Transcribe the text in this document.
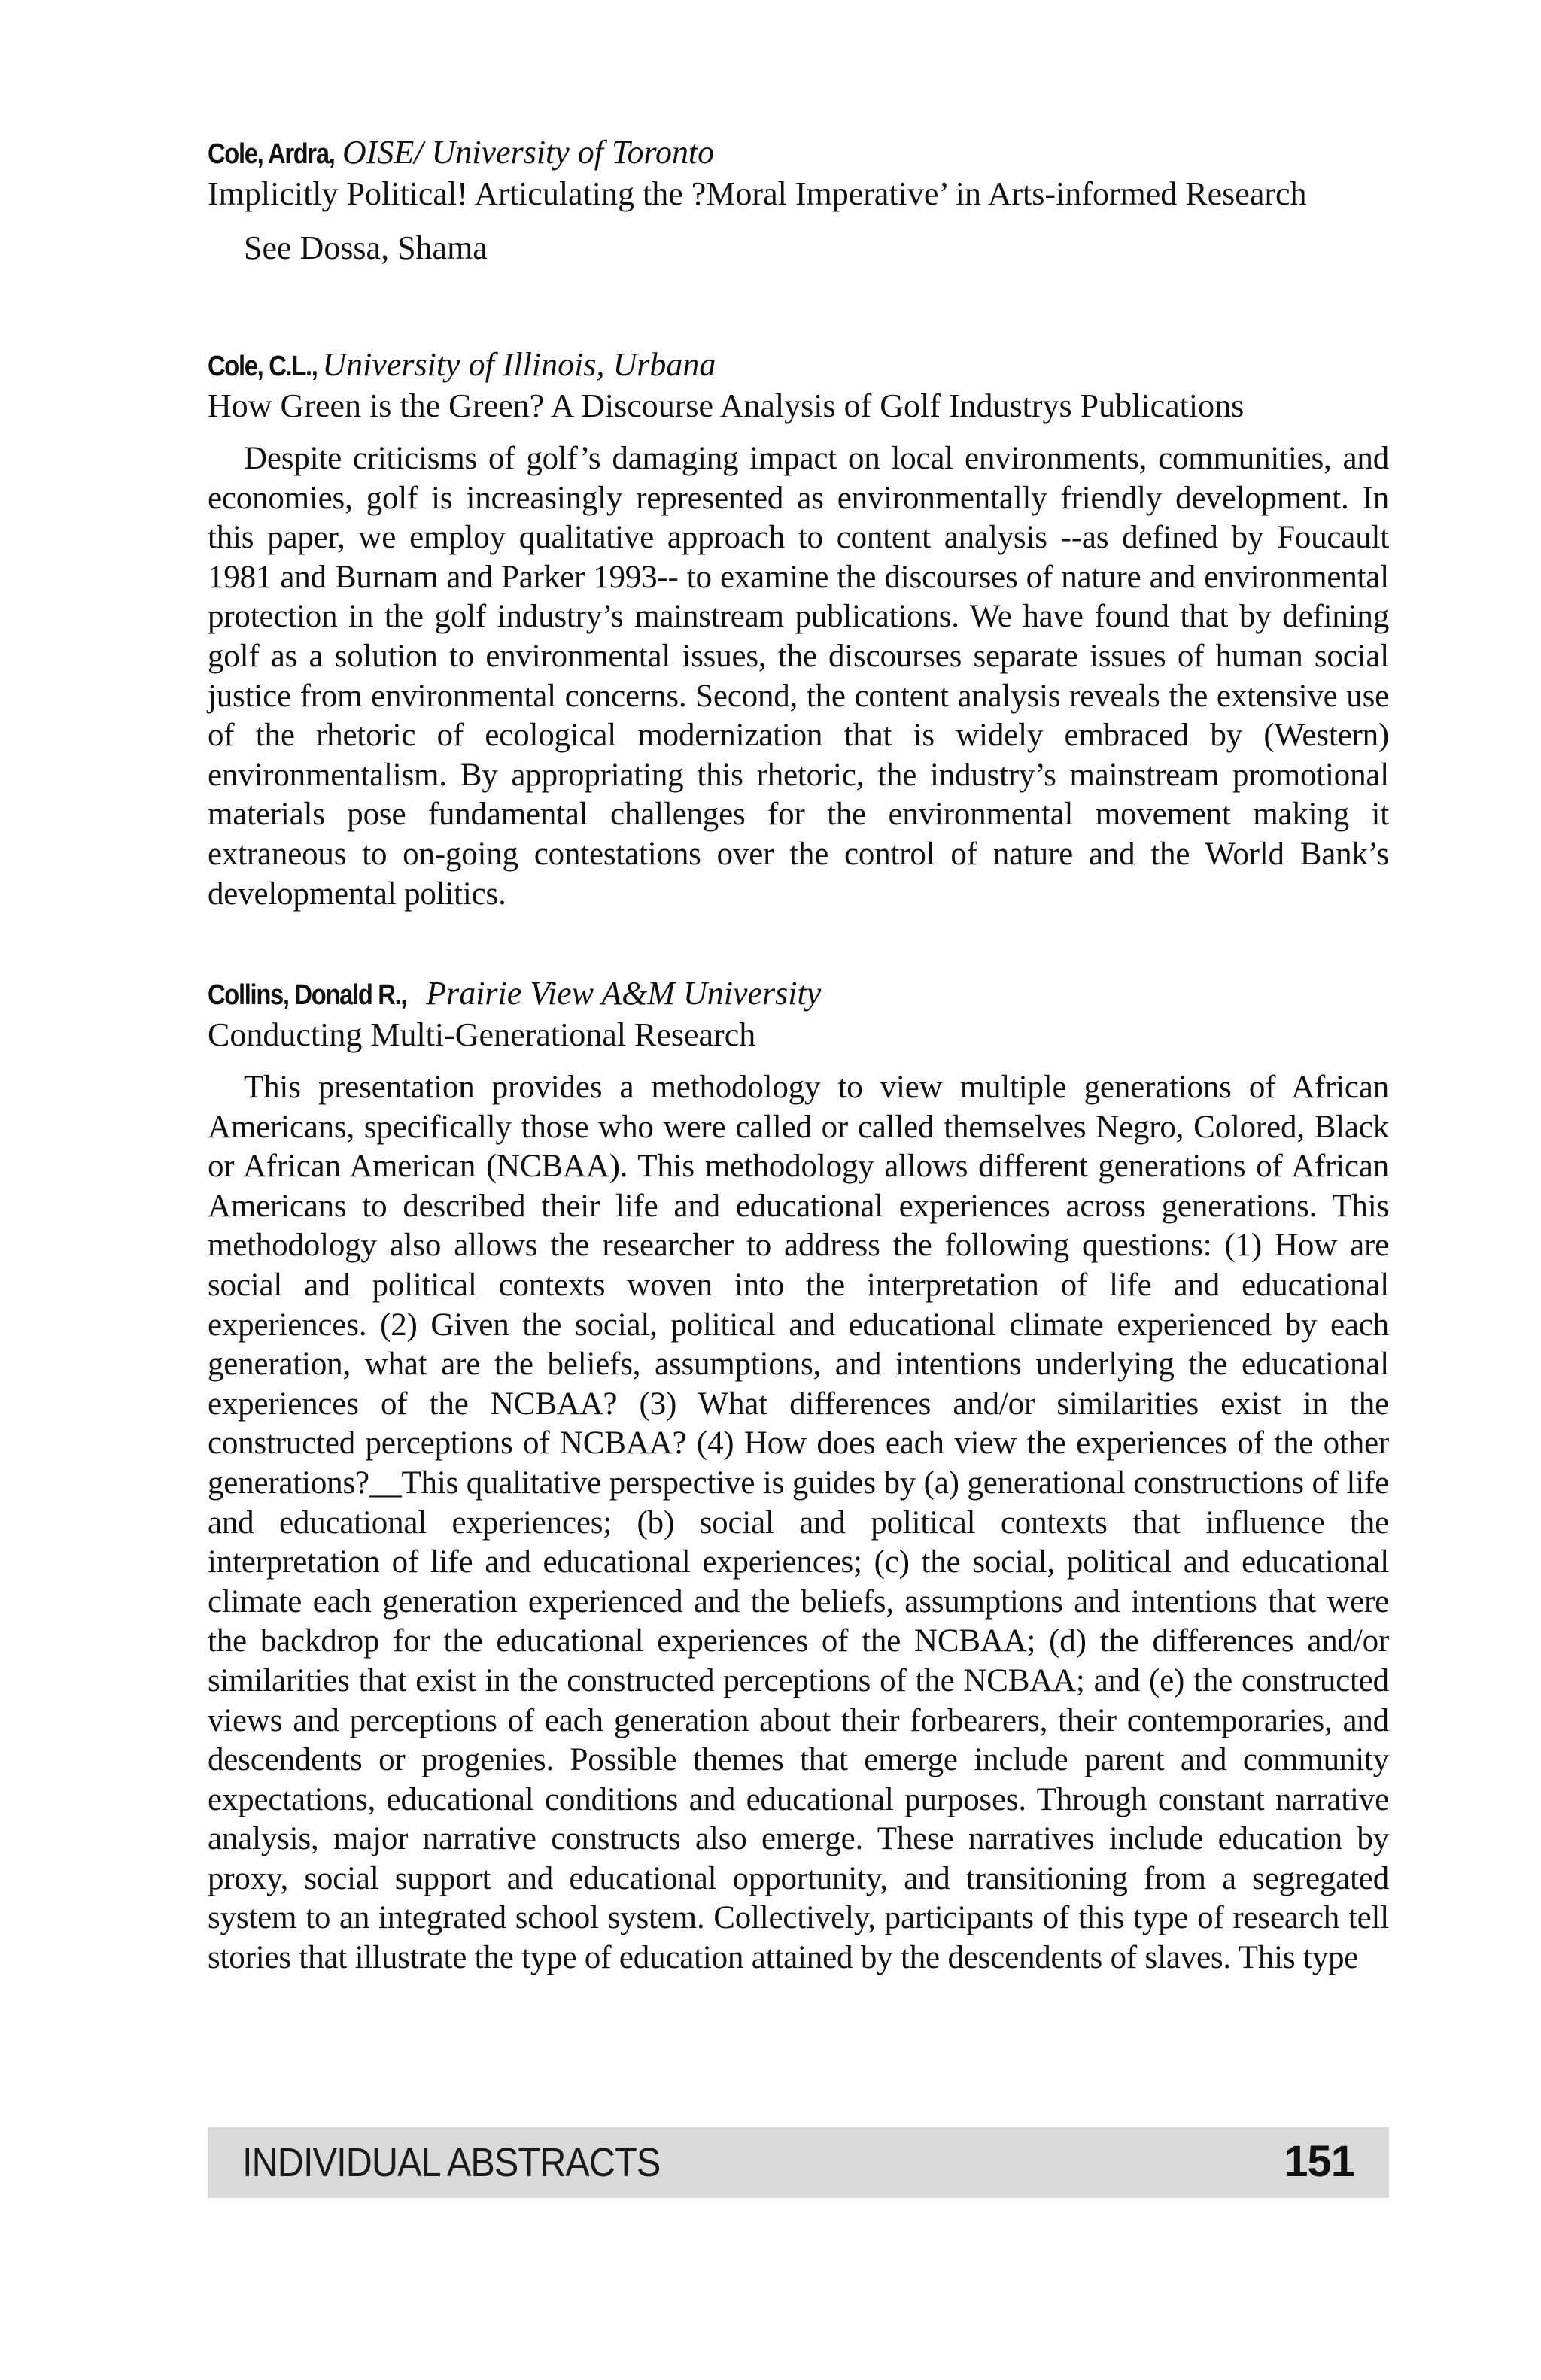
Cole, Ardra, OISE/ University of Toronto

Implicitly Political! Articulating the ?Moral Imperative’ in Arts-informed Research

See Dossa, Shama

Cole, C.L., University of Illinois, Urbana

How Green is the Green? A Discourse Analysis of Golf Industrys Publications

Despite criticisms of golf’s damaging impact on local environments, communities, and economies, golf is increasingly represented as environmentally friendly development. In this paper, we employ qualitative approach to content analysis --as defined by Foucault 1981 and Burnam and Parker 1993-- to examine the discourses of nature and environmental protection in the golf industry’s mainstream publications. We have found that by defining golf as a solution to environmental issues, the discourses separate issues of human social justice from environmental concerns. Second, the content analysis reveals the extensive use of the rhetoric of ecological modernization that is widely embraced by (Western) environmentalism. By appropriating this rhetoric, the industry’s mainstream promotional materials pose fundamental challenges for the environmental movement making it extraneous to on-going contestations over the control of nature and the World Bank’s developmental politics.

Collins, Donald R., Prairie View A&M University

Conducting Multi-Generational Research

This presentation provides a methodology to view multiple generations of African Americans, specifically those who were called or called themselves Negro, Colored, Black or African American (NCBAA). This methodology allows different generations of African Americans to described their life and educational experiences across generations. This methodology also allows the researcher to address the following questions: (1) How are social and political contexts woven into the interpretation of life and educational experiences. (2) Given the social, political and educational climate experienced by each generation, what are the beliefs, assumptions, and intentions underlying the educational experiences of the NCBAA? (3) What differences and/or similarities exist in the constructed perceptions of NCBAA? (4) How does each view the experiences of the other generations?__This qualitative perspective is guides by (a) generational constructions of life and educational experiences; (b) social and political contexts that influence the interpretation of life and educational experiences; (c) the social, political and educational climate each generation experienced and the beliefs, assumptions and intentions that were the backdrop for the educational experiences of the NCBAA; (d) the differences and/or similarities that exist in the constructed perceptions of the NCBAA; and (e) the constructed views and perceptions of each generation about their forbearers, their contemporaries, and descendents or progenies. Possible themes that emerge include parent and community expectations, educational conditions and educational purposes. Through constant narrative analysis, major narrative constructs also emerge. These narratives include education by proxy, social support and educational opportunity, and transitioning from a segregated system to an integrated school system. Collectively, participants of this type of research tell stories that illustrate the type of education attained by the descendents of slaves. This type

INDIVIDUAL ABSTRACTS	151
